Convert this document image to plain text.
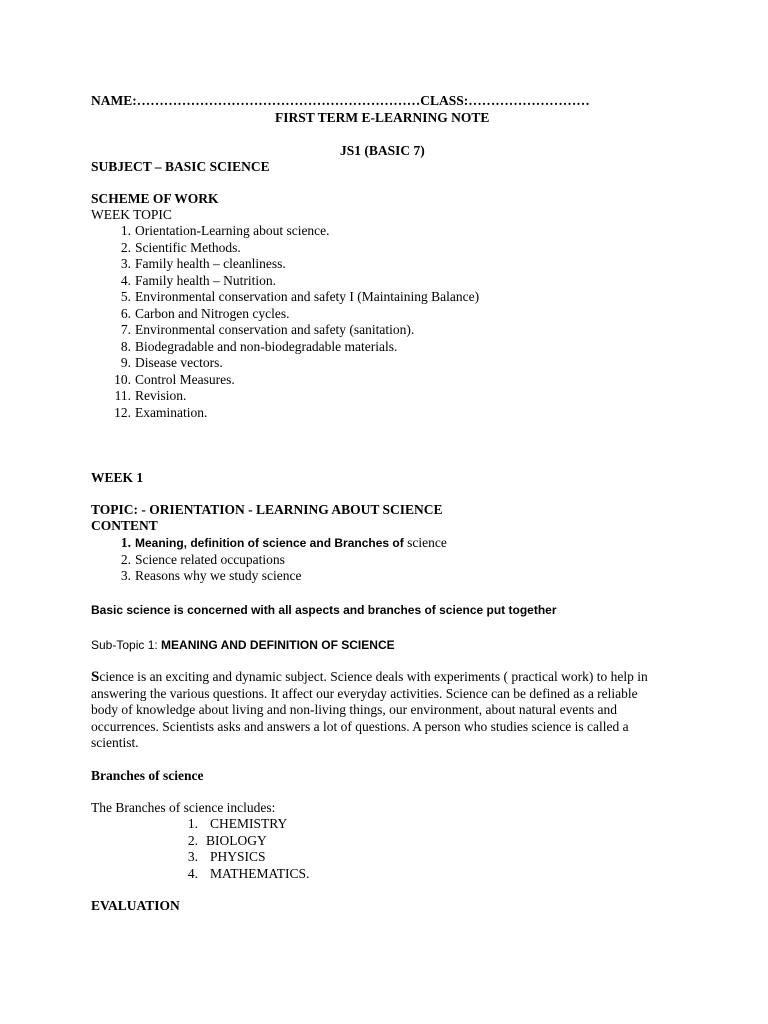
NAME:………………………………………………………CLASS:………………………
FIRST TERM E-LEARNING NOTE
JS1 (BASIC 7)
SUBJECT – BASIC SCIENCE
SCHEME OF WORK
WEEK TOPIC
1. Orientation-Learning about science.
2. Scientific Methods.
3. Family health – cleanliness.
4. Family health – Nutrition.
5. Environmental conservation and safety I (Maintaining Balance)
6. Carbon and Nitrogen cycles.
7. Environmental conservation and safety (sanitation).
8. Biodegradable and non-biodegradable materials.
9. Disease vectors.
10. Control Measures.
11. Revision.
12. Examination.
WEEK 1
TOPIC: - ORIENTATION - LEARNING ABOUT SCIENCE
CONTENT
1. Meaning, definition of science and Branches of science
2. Science related occupations
3. Reasons why we study science
Basic science is concerned with all aspects and branches of science put together
Sub-Topic 1: MEANING AND DEFINITION OF SCIENCE

Science is an exciting and dynamic subject. Science deals with experiments ( practical work) to help in

answering the various questions. It affect our everyday activities. Science can be defined as a reliable

body of knowledge about living and non-living things, our environment, about natural events and

occurrences. Scientists asks and answers a lot of questions. A person who studies science is called a

scientist.

Branches of science
The Branches of science includes:
1. CHEMISTRY
2. BIOLOGY
3. PHYSICS
4. MATHEMATICS.
EVALUATION
